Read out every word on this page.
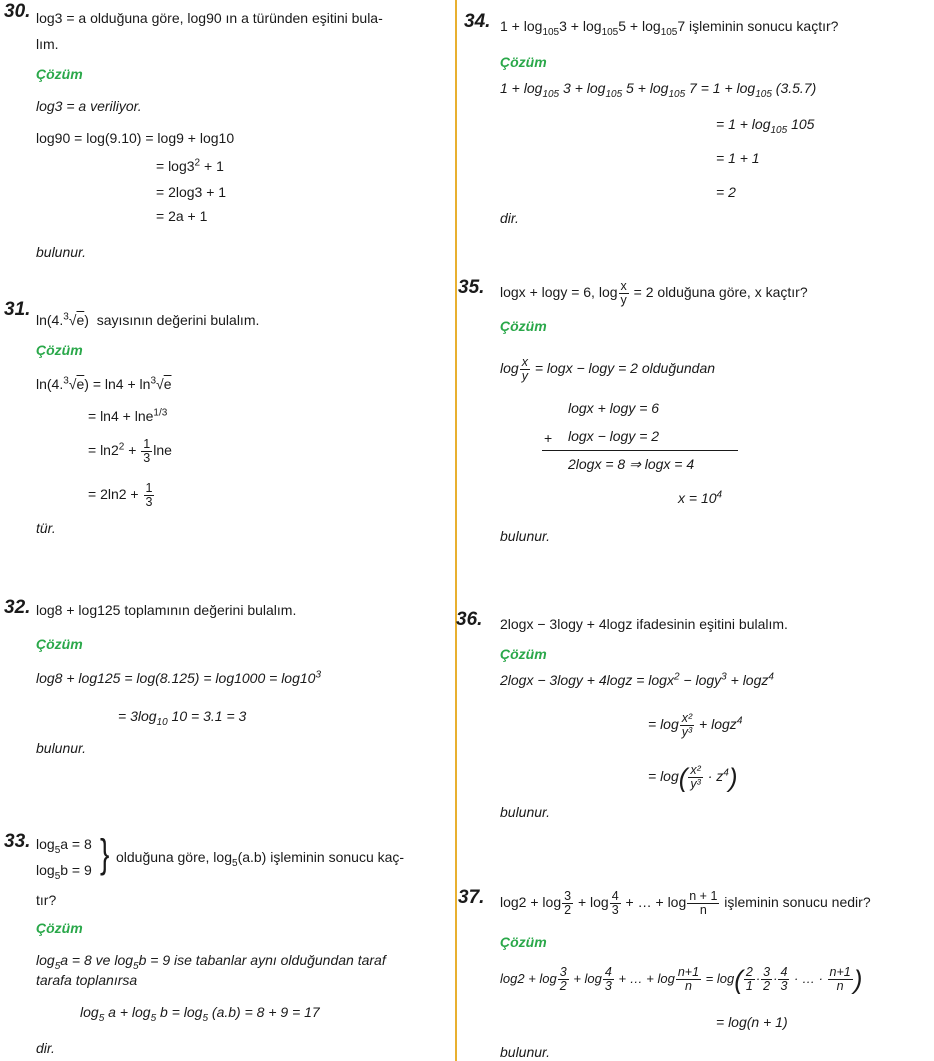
30. log3 = a olduğuna göre, log90 ın a türünden eşitini bula-
lım.
Çözüm
log3 = a veriliyor.
log90 = log(9.10) = log9 + log10
= $\log 3^2 + 1$
= 2log3 + 1
= 2a + 1
bulunur.
31. ln(4.$^3$√e) sayısının değerini bulalım.
Çözüm
$\ln(4.^3√e) = \ln 4 + \ln^3√e$
= ln4 + lne$^{1/3}$
= $\ln 2^2 + \frac{1}{3}$ lne
= $2\ln 2 + \frac{1}{3}$
tür.
32. log8 + log125 toplamının değerini bulalım.
Çözüm
$\log 8 + \log 125 = \log(8.125) = \log 1000 = \log 10^3$
= $3\log_{10}$ 10 = 3.1 = 3
bulunur.
33. $\log_5a = 8$
$\log_5b = 9$ } olduğuna göre, $\log_5(a.b)$ işleminin sonucu kaç-
tır?
Çözüm
$\log_5a = 8$ ve $\log_5b = 9$ ise tabanlar aynı olduğundan taraf
tarafa toplanırsa
$\log_5 a + \log_5 b = \log_5 (a.b) = 8 + 9 = 17$
dir.
34. $1 + \log_{105}3 + \log_{105}5 + \log_{105}7$ işleminin sonucu kaçtır?
Çözüm
$1 + \log_{105} 3 + \log_{105} 5 + \log_{105} 7 = 1 + \log_{105} (3.5.7)$
= $1 + \log_{105} 105$
= 1 + 1
= 2
dir.
35. logx + logy = 6, $\log \frac{x}{y} = 2$ olduğuna göre, x kaçtır?
Çözüm
$\log \frac{x}{y} = \log x - \log y = 2$ olduğundan
logx + logy = 6
+ logx − logy = 2
2logx = 8 ⇒ logx = 4
$x = 10^4$
bulunur.
36. 2logx − 3logy + 4logz ifadesinin eşitini bulalım.
Çözüm
2logx − 3logy + 4logz = logx$^2$ − logy$^3$ + logz$^4$
= $\log \frac{\text{x²}}{\text{y³}} + \log z^4$
= $\log( \frac{\text{x²}}{\text{y³}} \cdot z^4)$
bulunur.
37. $\log 2 + \log \frac{3}{2} + \log \frac{4}{3}$ + … + $\log \frac{n + 1}{n}$ işleminin sonucu nedir?
Çözüm
$\log 2 + \log \frac{3}{2} + \log \frac{4}{3}$ + … + $\log \frac{n+1}{n} = \log( \frac{2}{1} \cdot \frac{3}{2} \cdot \frac{4}{3}$ · … · $\frac{n+1}{n}$ )
= log(n + 1)
bulunur.
